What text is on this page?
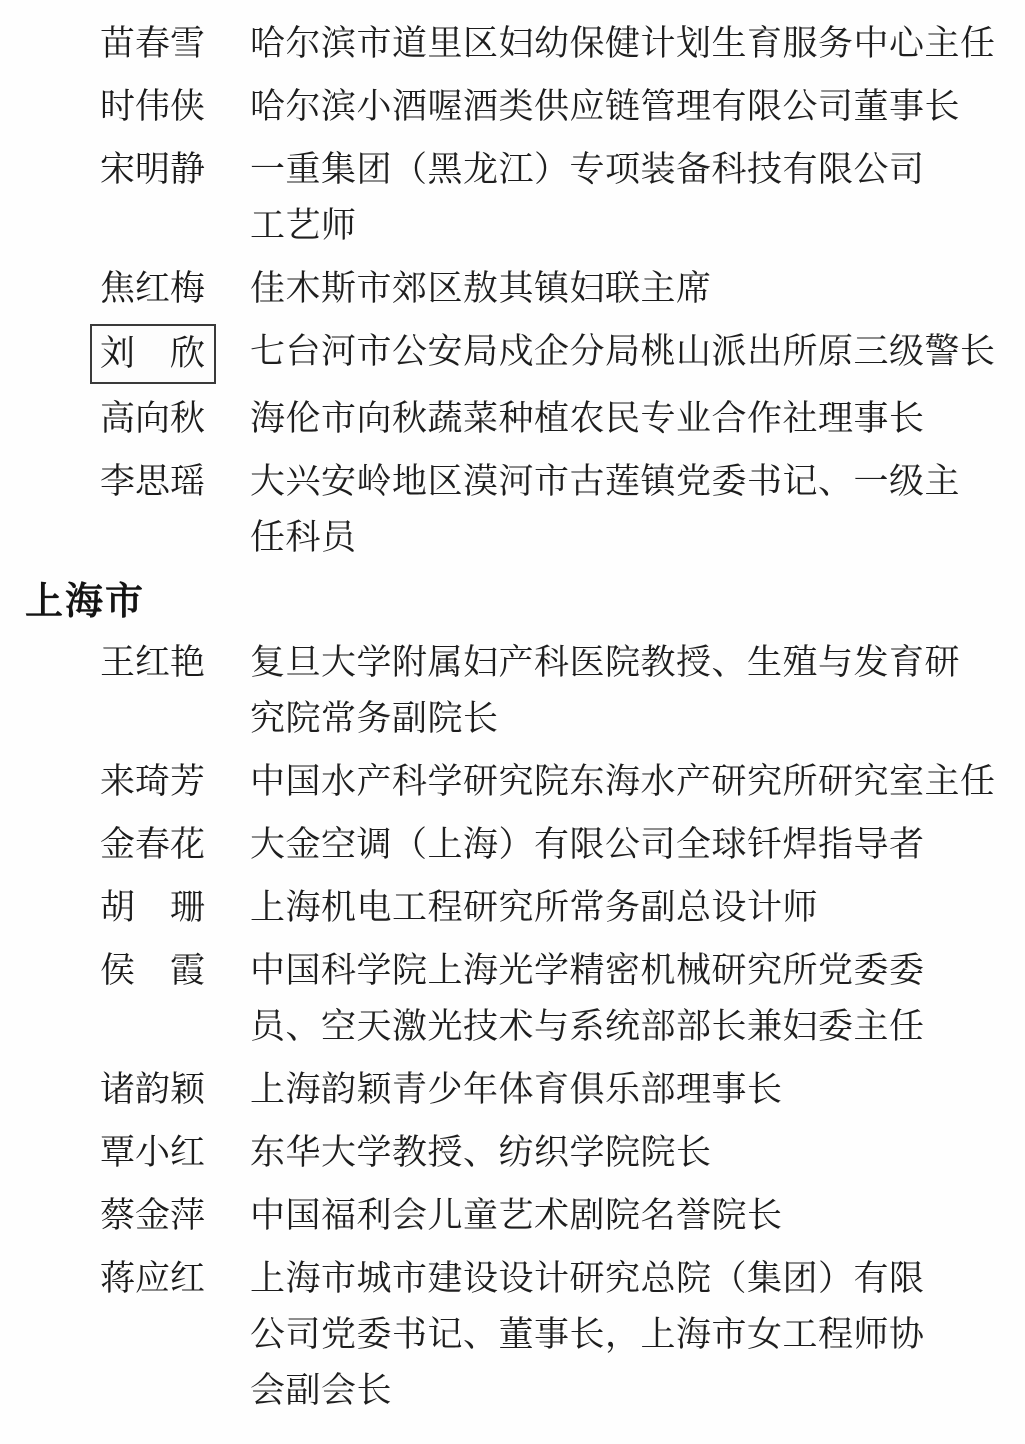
苗春雪 哈尔滨市道里区妇幼保健计划生育服务中心主任
时伟侠 哈尔滨小酒喔酒类供应链管理有限公司董事长
宋明静 一重集团（黑龙江）专项装备科技有限公司
工艺师
焦红梅 佳木斯市郊区敖其镇妇联主席
刘　欣 七台河市公安局戍企分局桃山派出所原三级警长
高向秋 海伦市向秋蔬菜种植农民专业合作社理事长
李思瑶 大兴安岭地区漠河市古莲镇党委书记、一级主
任科员
上海市
王红艳 复旦大学附属妇产科医院教授、生殖与发育研
究院常务副院长
来琦芳 中国水产科学研究院东海水产研究所研究室主任
金春花 大金空调（上海）有限公司全球钎焊指导者
胡　珊 上海机电工程研究所常务副总设计师
侯　霞 中国科学院上海光学精密机械研究所党委委
员、空天激光技术与系统部部长兼妇委主任
诸韵颖 上海韵颖青少年体育俱乐部理事长
覃小红 东华大学教授、纺织学院院长
蔡金萍 中国福利会儿童艺术剧院名誉院长
蒋应红 上海市城市建设设计研究总院（集团）有限
公司党委书记、董事长，上海市女工程师协
会副会长
